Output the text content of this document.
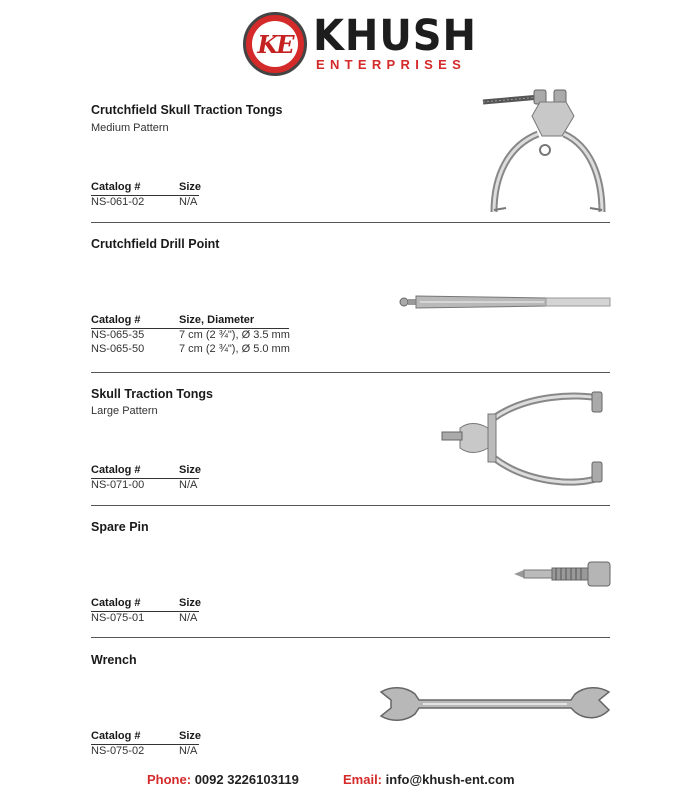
KE KHUSH
ENTERPRISES
Crutchfield Skull Traction Tongs
Medium Pattern
Catalog #	Size
NS-061-02	N/A
Crutchfield Drill Point
Catalog #	Size, Diameter
NS-065-35	7 cm (2 ¾"), Ø 3.5 mm
NS-065-50	7 cm (2 ¾"), Ø 5.0 mm
Skull Traction Tongs
Large Pattern
Catalog #	Size
NS-071-00	N/A
Spare Pin
Catalog #	Size
NS-075-01	N/A
Wrench
Catalog #	Size
NS-075-02	N/A
Phone: 0092 3226103119	Email: info@khush-ent.com
